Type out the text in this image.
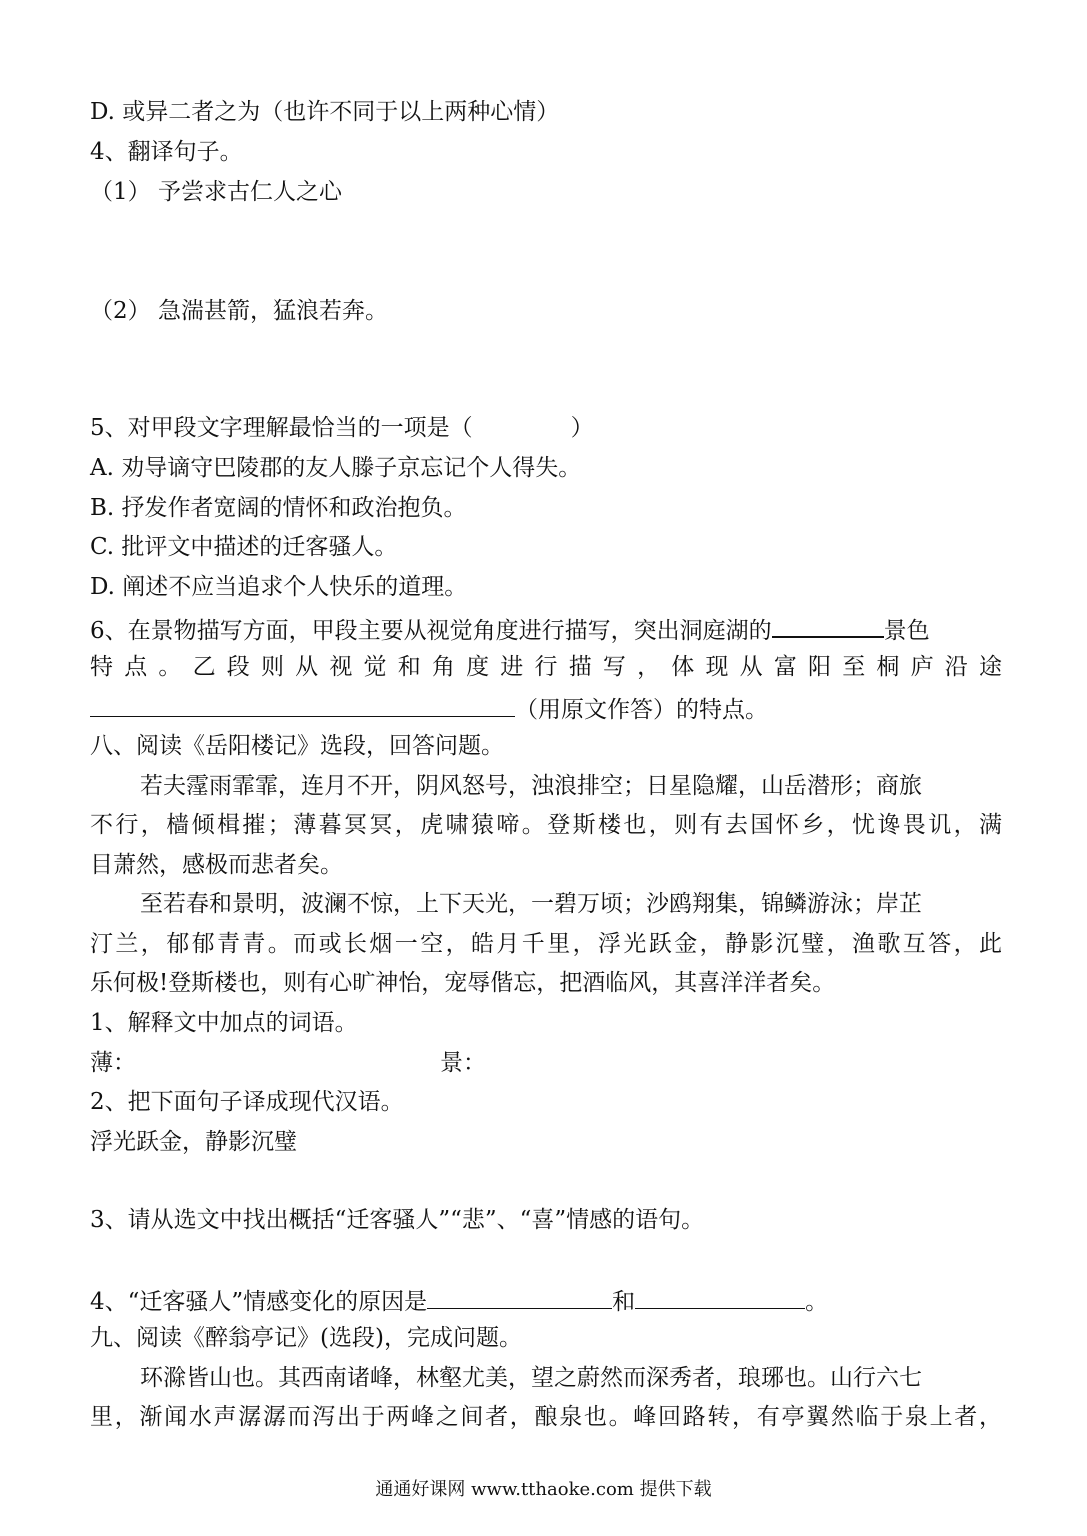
D. 或异二者之为（也许不同于以上两种心情）
4、翻译句子。
（1） 予尝求古仁人之心
（2） 急湍甚箭，猛浪若奔。
5、对甲段文字理解最恰当的一项是（	）
A. 劝导谪守巴陵郡的友人滕子京忘记个人得失。
B. 抒发作者宽阔的情怀和政治抱负。
C. 批评文中描述的迁客骚人。
D. 阐述不应当追求个人快乐的道理。
6、在景物描写方面，甲段主要从视觉角度进行描写，突出洞庭湖的	景色
特点。乙段则从视觉和角度进行描写，体现从富阳至桐庐沿途
（用原文作答）的特点。
八、阅读《岳阳楼记》选段，回答问题。
若夫霪雨霏霏，连月不开，阴风怒号，浊浪排空；日星隐耀，山岳潜形；商旅
不行，樯倾楫摧；薄暮冥冥，虎啸猿啼。登斯楼也，则有去国怀乡，忧谗畏讥，满
目萧然，感极而悲者矣。
至若春和景明，波澜不惊，上下天光，一碧万顷；沙鸥翔集，锦鳞游泳；岸芷
汀兰，郁郁青青。而或长烟一空，皓月千里，浮光跃金，静影沉璧，渔歌互答，此
乐何极!登斯楼也，则有心旷神怡，宠辱偕忘，把酒临风，其喜洋洋者矣。
1、解释文中加点的词语。
薄：	景：
2、把下面句子译成现代汉语。
浮光跃金，静影沉璧
3、请从选文中找出概括“迁客骚人”“悲”、“喜”情感的语句。
4、“迁客骚人”情感变化的原因是	和	。
九、阅读《醉翁亭记》(选段)，完成问题。
环滁皆山也。其西南诸峰，林壑尤美，望之蔚然而深秀者，琅琊也。山行六七
里，渐闻水声潺潺而泻出于两峰之间者，酿泉也。峰回路转，有亭翼然临于泉上者，
通通好课网 www.tthaoke.com 提供下载
